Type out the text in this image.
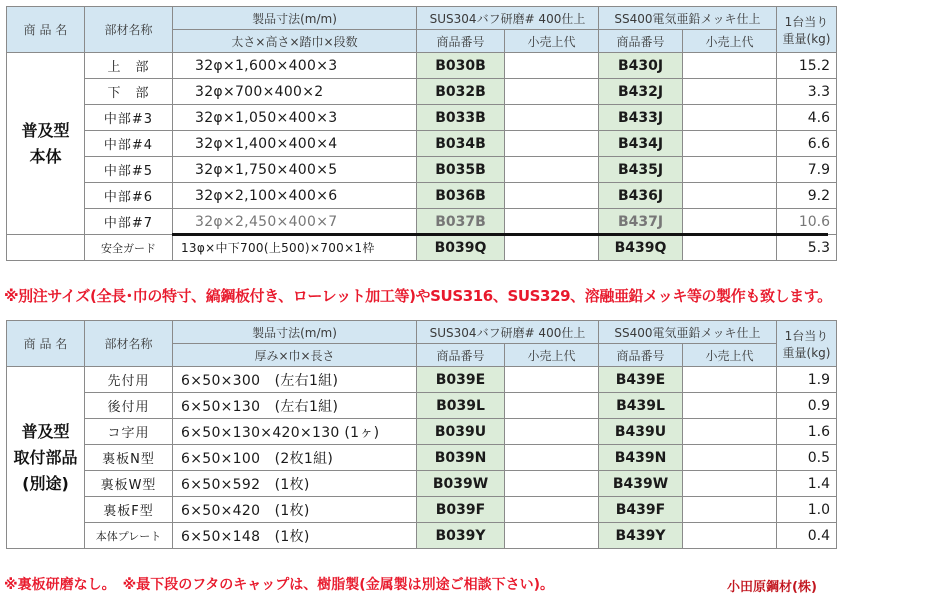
商 品 名	部材名称	製品寸法(m/m)	SUS304バフ研磨# 400仕上		SS400電気亜鉛メッキ仕上		1台当り
重量(kg)

		太さ×高さ×踏巾×段数	商品番号	小売上代	商品番号	小売上代	

普及型
本体	上　部	32φ×1,600×400×3	B030B		B430J		15.2
	下　部	32φ×700×400×2	B032B		B432J		3.3
	中部#3	32φ×1,050×400×3	B033B		B433J		4.6
	中部#4	32φ×1,400×400×4	B034B		B434J		6.6
	中部#5	32φ×1,750×400×5	B035B		B435J		7.9
	中部#6	32φ×2,100×400×6	B036B		B436J		9.2
	中部#7	32φ×2,450×400×7	B037B		B437J		10.6
	安全ガード	13φ×中下700(上500)×700×1枠	B039Q		B439Q		5.3
※別注サイズ(全長･巾の特寸、縞鋼板付き、ローレット加工等)やSUS316、SUS329、溶融亜鉛メッキ等の製作も致します。
商 品 名	部材名称	製品寸法(m/m)	SUS304バフ研磨# 400仕上		SS400電気亜鉛メッキ仕上		1台当り
重量(kg)

		厚み×巾×長さ	商品番号	小売上代	商品番号	小売上代	

普及型
取付部品
(別途)	先付用	6×50×300　(左右1組)	B039E		B439E		1.9
	後付用	6×50×130　(左右1組)	B039L		B439L		0.9
	コ字用	6×50×130×420×130 (1ヶ)	B039U		B439U		1.6
	裏板N型	6×50×100　(2枚1組)	B039N		B439N		0.5
	裏板W型	6×50×592　(1枚)	B039W		B439W		1.4
	裏板F型	6×50×420　(1枚)	B039F		B439F		1.0
	本体プレート	6×50×148　(1枚)	B039Y		B439Y		0.4
※裏板研磨なし。　※最下段のフタのキャップは、樹脂製(金属製は別途ご相談下さい)。	小田原鋼材(株)
